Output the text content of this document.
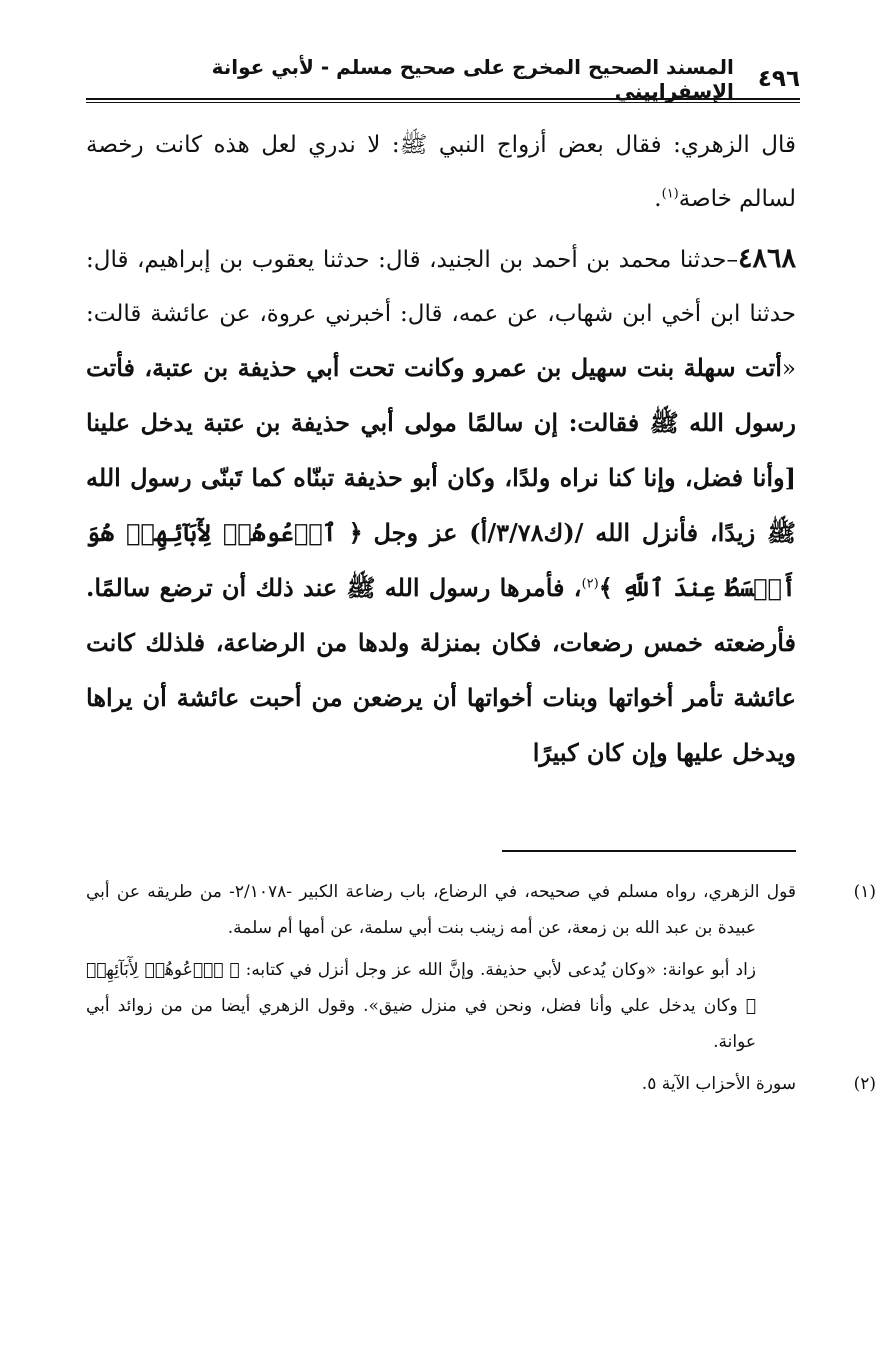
٤٩٦
المسند الصحيح المخرج على صحيح مسلم - لأبي عوانة الإسفراييني

قال الزهري: فقال بعض أزواج النبي ﷺ: لا ندري لعل هذه كانت رخصة لسالم خاصة$^{(١)}$.

٤٨٦٨–حدثنا محمد بن أحمد بن الجنيد، قال: حدثنا يعقوب بن إبراهيم، قال: حدثنا ابن أخي ابن شهاب، عن عمه، قال: أخبرني عروة، عن عائشة قالت: «أتت سهلة بنت سهيل بن عمرو وكانت تحت أبي حذيفة بن عتبة، فأتت رسول الله ﷺ فقالت: إن سالمًا مولى أبي حذيفة بن عتبة يدخل علينا [وأنا فضل، وإنا كنا نراه ولدًا، وكان أبو حذيفة تبنّاه كما تَبنّى رسول الله ﷺ زيدًا، فأنزل الله /(ك٣/٧٨/أ) عز وجل ﴿ ٱدۡعُوهُمۡ لِأٓبَآئِهِمۡ هُوَ أَقۡسَطُ عِندَ ٱللَّهِ ﴾$^{(٢)}$، فأمرها رسول الله ﷺ عند ذلك أن ترضع سالمًا. فأرضعته خمس رضعات، فكان بمنزلة ولدها من الرضاعة، فلذلك كانت عائشة تأمر أخواتها وبنات أخواتها أن يرضعن من أحبت عائشة أن يراها ويدخل عليها وإن كان كبيرًا

(١)قول الزهري، رواه مسلم في صحيحه، في الرضاع، باب رضاعة الكبير -٢/١٠٧٨- من طريقه عن أبي عبيدة بن عبد الله بن زمعة، عن أمه زينب بنت أبي سلمة، عن أمها أم سلمة.

زاد أبو عوانة: «وكان يُدعى لأبي حذيفة. وإنَّ الله عز وجل أنزل في كتابه: ﴿ ٱدۡعُوهُمۡ لِأٓبَآئِهِمۡ ﴾ وكان يدخل علي وأنا فضل، ونحن في منزل ضيق». وقول الزهري أيضا من من زوائد أبي عوانة.

(٢)سورة الأحزاب الآية ٥.
